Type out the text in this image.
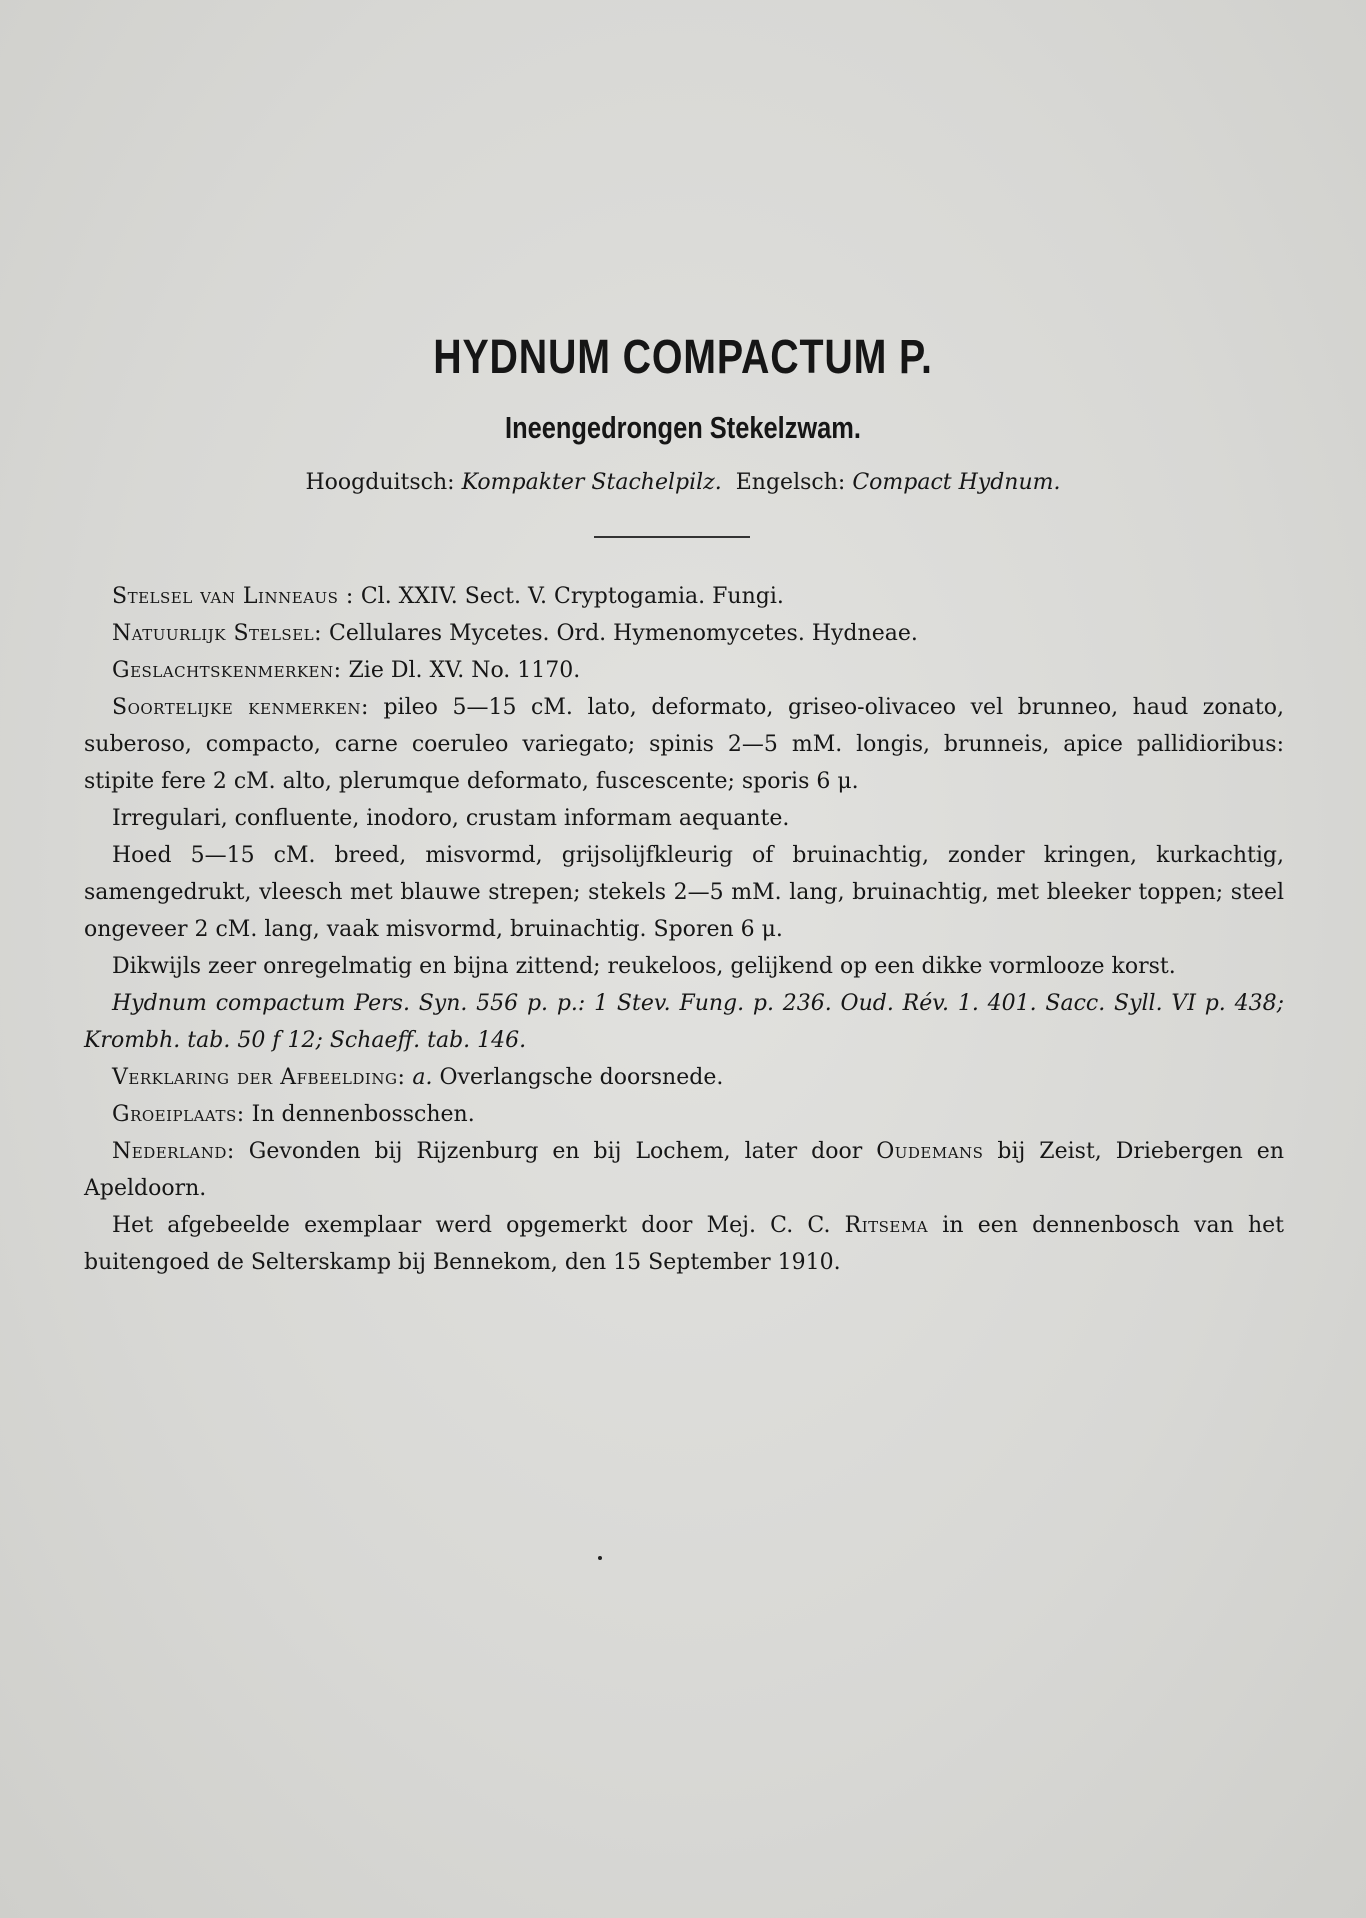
HYDNUM COMPACTUM P.
Ineengedrongen Stekelzwam.
Hoogduitsch: Kompakter Stachelpilz. Engelsch: Compact Hydnum.

Stelsel van Linneaus : Cl. XXIV. Sect. V. Cryptogamia. Fungi.

Natuurlijk Stelsel: Cellulares Mycetes. Ord. Hymenomycetes. Hydneae.

Geslachtskenmerken: Zie Dl. XV. No. 1170.

Soortelijke kenmerken: pileo 5—15 cM. lato, deformato, griseo-olivaceo vel brunneo, haud zonato, suberoso, compacto, carne coeruleo variegato; spinis 2—5 mM. longis, brunneis, apice pallidioribus: stipite fere 2 cM. alto, plerumque deformato, fuscescente; sporis 6 μ.

Irregulari, confluente, inodoro, crustam informam aequante.

Hoed 5—15 cM. breed, misvormd, grijsolijfkleurig of bruinachtig, zonder kringen, kurkachtig, samengedrukt, vleesch met blauwe strepen; stekels 2—5 mM. lang, bruinachtig, met bleeker toppen; steel ongeveer 2 cM. lang, vaak misvormd, bruinachtig. Sporen 6 μ.

Dikwijls zeer onregelmatig en bijna zittend; reukeloos, gelijkend op een dikke vormlooze korst.

Hydnum compactum Pers. Syn. 556 p. p.: 1 Stev. Fung. p. 236. Oud. Rév. 1. 401. Sacc. Syll. VI p. 438; Krombh. tab. 50 f 12; Schaeff. tab. 146.

Verklaring der Afbeelding: a. Overlangsche doorsnede.

Groeiplaats: In dennenbosschen.

Nederland: Gevonden bij Rijzenburg en bij Lochem, later door Oudemans bij Zeist, Driebergen en Apeldoorn.

Het afgebeelde exemplaar werd opgemerkt door Mej. C. C. Ritsema in een dennenbosch van het buitengoed de Selterskamp bij Bennekom, den 15 September 1910.
